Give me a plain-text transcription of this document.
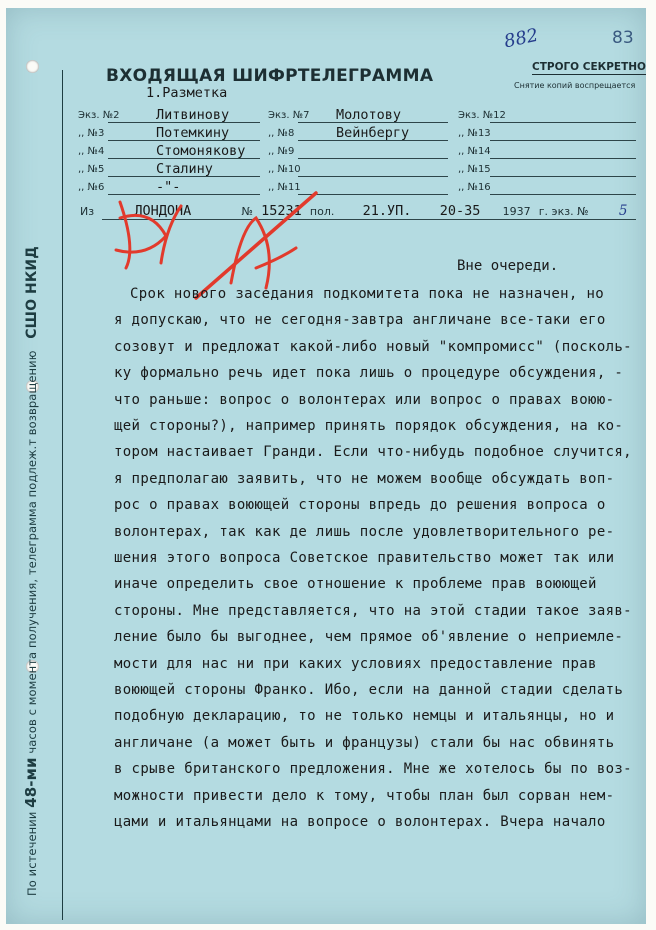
По истечении 48-ми часов с момента получения, телеграмма подлеж.т возвращению СШО НКИД
882	83
ВХОДЯЩАЯ ШИФРТЕЛЕГРАММА	СТРОГО СЕКРЕТНО
Снятие копий воспрещается
1.Разметка
Экз. №2	Литвинову
,, №3	Потемкину
,, №4	Стомонякову
,, №5	Сталину
,, №6	-"-
Экз. №7 Молотову
,, №8	Вейнбергу
,, №9
,, №10
,, №11
Экз. №12
,, №13
,, №14
,, №15
,, №16
Из	ЛОНДОНА	№ 15231 пол. 21.УП. 20-35 1937 г. экз. № 5
Вне очереди.
Срок нового заседания подкомитета пока не назначен, но
я допускаю, что не сегодня-завтра англичане все-таки его
созовут и предложат какой-либо новый "компромисс" (посколь-
ку формально речь идет пока лишь о процедуре обсуждения, -
что раньше: вопрос о волонтерах или вопрос о правах воюю-
щей стороны?), например принять порядок обсуждения, на ко-
тором настаивает Гранди. Если что-нибудь подобное случится,
я предполагаю заявить, что не можем вообще обсуждать воп-
рос о правах воюющей стороны впредь до решения вопроса о
волонтерах, так как де лишь после удовлетворительного ре-
шения этого вопроса Советское правительство может так или
иначе определить свое отношение к проблеме прав воюющей
стороны. Мне представляется, что на этой стадии такое заяв-
ление было бы выгоднее, чем прямое об'явление о неприемле-
мости для нас ни при каких условиях предоставление прав
воюющей стороны Франко. Ибо, если на данной стадии сделать
подобную декларацию, то не только немцы и итальянцы, но и
англичане (а может быть и французы) стали бы нас обвинять
в срыве британского предложения. Мне же хотелось бы по воз-
можности привести дело к тому, чтобы план был сорван нем-
цами и итальянцами на вопросе о волонтерах. Вчера начало
